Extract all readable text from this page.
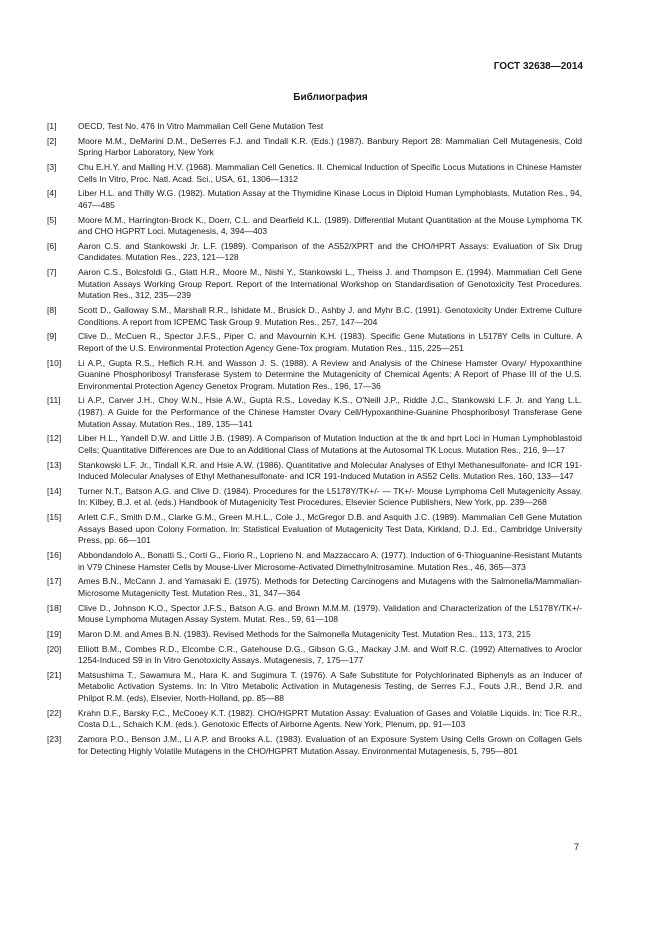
ГОСТ 32638—2014
Библиография
[1]	OECD, Test No. 476 In Vitro Mammalian Cell Gene Mutation Test
[2]	Moore M.M., DeMarini D.M., DeSerres F.J. and Tindall K.R. (Eds.) (1987). Banbury Report 28: Mammalian Cell Mutagenesis, Cold Spring Harbor Laboratory, New York
[3]	Chu E.H.Y. and Malling H.V. (1968). Mammalian Cell Genetics. II. Chemical Induction of Specific Locus Mutations in Chinese Hamster Cells In Vitro, Proc. Natl. Acad. Sci., USA, 61, 1306—1312
[4]	Liber H.L. and Thilly W.G. (1982). Mutation Assay at the Thymidine Kinase Locus in Diploid Human Lymphoblasts. Mutation Res., 94, 467—485
[5]	Moore M.M., Harrington-Brock K., Doerr, C.L. and Dearfield K.L. (1989). Differential Mutant Quantitation at the Mouse Lymphoma TK and CHO HGPRT Loci. Mutagenesis, 4, 394—403
[6]	Aaron C.S. and Stankowski Jr. L.F. (1989). Comparison of the AS52/XPRT and the CHO/HPRT Assays: Evaluation of Six Drug Candidates. Mutation Res., 223, 121—128
[7]	Aaron C.S., Bolcsfoldi G., Glatt H.R., Moore M., Nishi Y., Stankowski L., Theiss J. and Thompson E. (1994). Mammalian Cell Gene Mutation Assays Working Group Report. Report of the International Workshop on Standardisation of Genotoxicity Test Procedures. Mutation Res., 312, 235—239
[8]	Scott D., Galloway S.M., Marshall R.R., Ishidate M., Brusick D., Ashby J. and Myhr B.C. (1991). Genotoxicity Under Extreme Culture Conditions. A report from ICPEMC Task Group 9. Mutation Res., 257, 147—204
[9]	Clive D., McCuen R., Spector J.F.S., Piper C. and Mavournin K.H. (1983). Specific Gene Mutations in L5178Y Cells in Culture. A Report of the U.S. Environmental Protection Agency Gene-Tox program. Mutation Res., 115, 225—251
[10]	Li A.P., Gupta R.S., Heflich R.H. and Wasson J. S. (1988). A Review and Analysis of the Chinese Hamster Ovary/ Hypoxanthine Guanine Phosphoribosyl Transferase System to Determine the Mutagenicity of Chemical Agents: A Report of Phase III of the U.S. Environmental Protection Agency Genetox Program. Mutation Res., 196, 17—36
[11]	Li A.P., Carver J.H., Choy W.N., Hsie A.W., Gupta R.S., Loveday K.S., O'Neill J.P., Riddle J.C., Stankowski L.F. Jr. and Yang L.L. (1987). A Guide for the Performance of the Chinese Hamster Ovary Cell/Hypoxanthine-Guanine Phosphoribosyl Transferase Gene Mutation Assay. Mutation Res., 189, 135—141
[12]	Liber H.L., Yandell D.W. and Little J.B. (1989). A Comparison of Mutation Induction at the tk and hprt Loci in Human Lymphoblastoid Cells; Quantitative Differences are Due to an Additional Class of Mutations at the Autosomal TK Locus. Mutation Res., 216, 9—17
[13]	Stankowski L.F. Jr., Tindall K.R. and Hsie A.W. (1986). Quantitative and Molecular Analyses of Ethyl Methanesulfonate- and ICR 191-Induced Molecular Analyses of Ethyl Methanesulfonate- and ICR 191-Induced Mutation in AS52 Cells. Mutation Res. 160, 133—147
[14]	Turner N.T., Batson A.G. and Clive D. (1984). Procedures for the L5178Y/TK+/- — TK+/- Mouse Lymphoma Cell Mutagenicity Assay. In: Kilbey, B.J. et al. (eds.) Handbook of Mutagenicity Test Procedures, Elsevier Science Publishers, New York, pp. 239—268
[15]	Arlett C.F., Smith D.M., Clarke G.M., Green M.H.L., Cole J., McGregor D.B. and Asquith J.C. (1989). Mammalian Cell Gene Mutation Assays Based upon Colony Formation. In: Statistical Evaluation of Mutagenicity Test Data, Kirkland, D.J. Ed., Cambridge University Press, pp. 66—101
[16]	Abbondandolo A., Bonatti S., Corti G., Fiorio R., Loprieno N. and Mazzaccaro A. (1977). Induction of 6-Thioguanine-Resistant Mutants in V79 Chinese Hamster Cells by Mouse-Liver Microsome-Activated Dimethylnitrosamine. Mutation Res., 46, 365—373
[17]	Ames B.N., McCann J. and Yamasaki E. (1975). Methods for Detecting Carcinogens and Mutagens with the Salmonella/Mammalian-Microsome Mutagenicity Test. Mutation Res., 31, 347—364
[18]	Clive D., Johnson K.O., Spector J.F.S., Batson A.G. and Brown M.M.M. (1979). Validation and Characterization of the L5178Y/TK+/- Mouse Lymphoma Mutagen Assay System. Mutat. Res., 59, 61—108
[19]	Maron D.M. and Ames B.N. (1983). Revised Methods for the Salmonella Mutagenicity Test. Mutation Res., 113, 173, 215
[20]	Elliott B.M., Combes R.D., Elcombe C.R., Gatehouse D.G., Gibson G.G., Mackay J.M. and Wolf R.C. (1992) Alternatives to Aroclor 1254-Induced S9 in In Vitro Genotoxicity Assays. Mutagenesis, 7, 175—177
[21]	Matsushima T., Sawamura M., Hara K. and Sugimura T. (1976). A Safe Substitute for Polychlorinated Biphenyls as an Inducer of Metabolic Activation Systems. In: In Vitro Metabolic Activation in Mutagenesis Testing, de Serres F.J., Fouts J.R., Bend J.R. and Philpot R.M. (eds), Elsevier, North-Holland, pp. 85—88
[22]	Krahn D.F., Barsky F.C., McCooey K.T. (1982). CHO/HGPRT Mutation Assay: Evaluation of Gases and Volatile Liquids. In: Tice R.R., Costa D.L., Schaich K.M. (eds.). Genotoxic Effects of Airborne Agents. New York, Plenum, pp. 91—103
[23]	Zamora P.O., Benson J.M., Li A.P. and Brooks A.L. (1983). Evaluation of an Exposure System Using Cells Grown on Collagen Gels for Detecting Highly Volatile Mutagens in the CHO/HGPRT Mutation Assay. Environmental Mutagenesis, 5, 795—801
7
